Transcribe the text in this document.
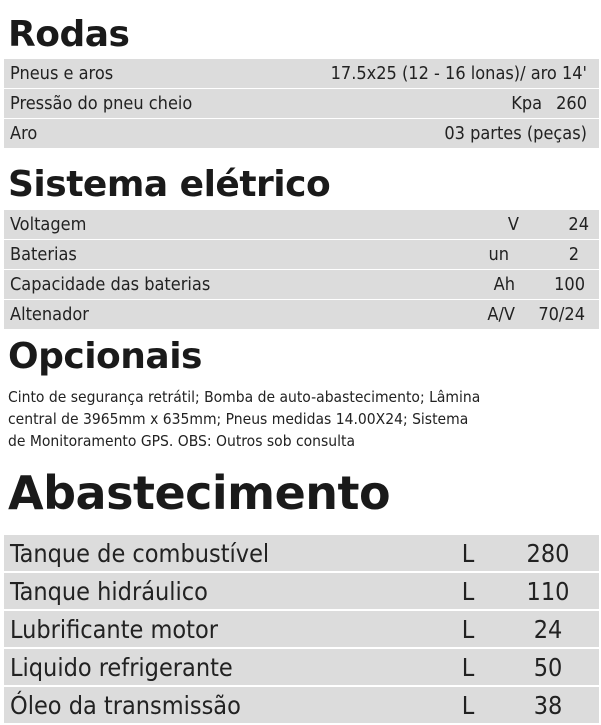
Rodas
Pneus e aros	17.5x25 (12 - 16 lonas)/ aro 14'
Pressão do pneu cheio	Kpa 260
Aro	03 partes (peças)
Sistema elétrico
Voltagem	V	24
Baterias	un	2
Capacidade das baterias	Ah	100
Altenador	A/V	70/24
Opcionais
Cinto de segurança retrátil; Bomba de auto-abastecimento; Lâmina
central de 3965mm x 635mm; Pneus medidas 14.00X24; Sistema
de Monitoramento GPS. OBS: Outros sob consulta
Abastecimento
Tanque de combustível	L	280
Tanque hidráulico	L	110
Lubrificante motor	L	24
Liquido refrigerante	L	50
Óleo da transmissão	L	38
